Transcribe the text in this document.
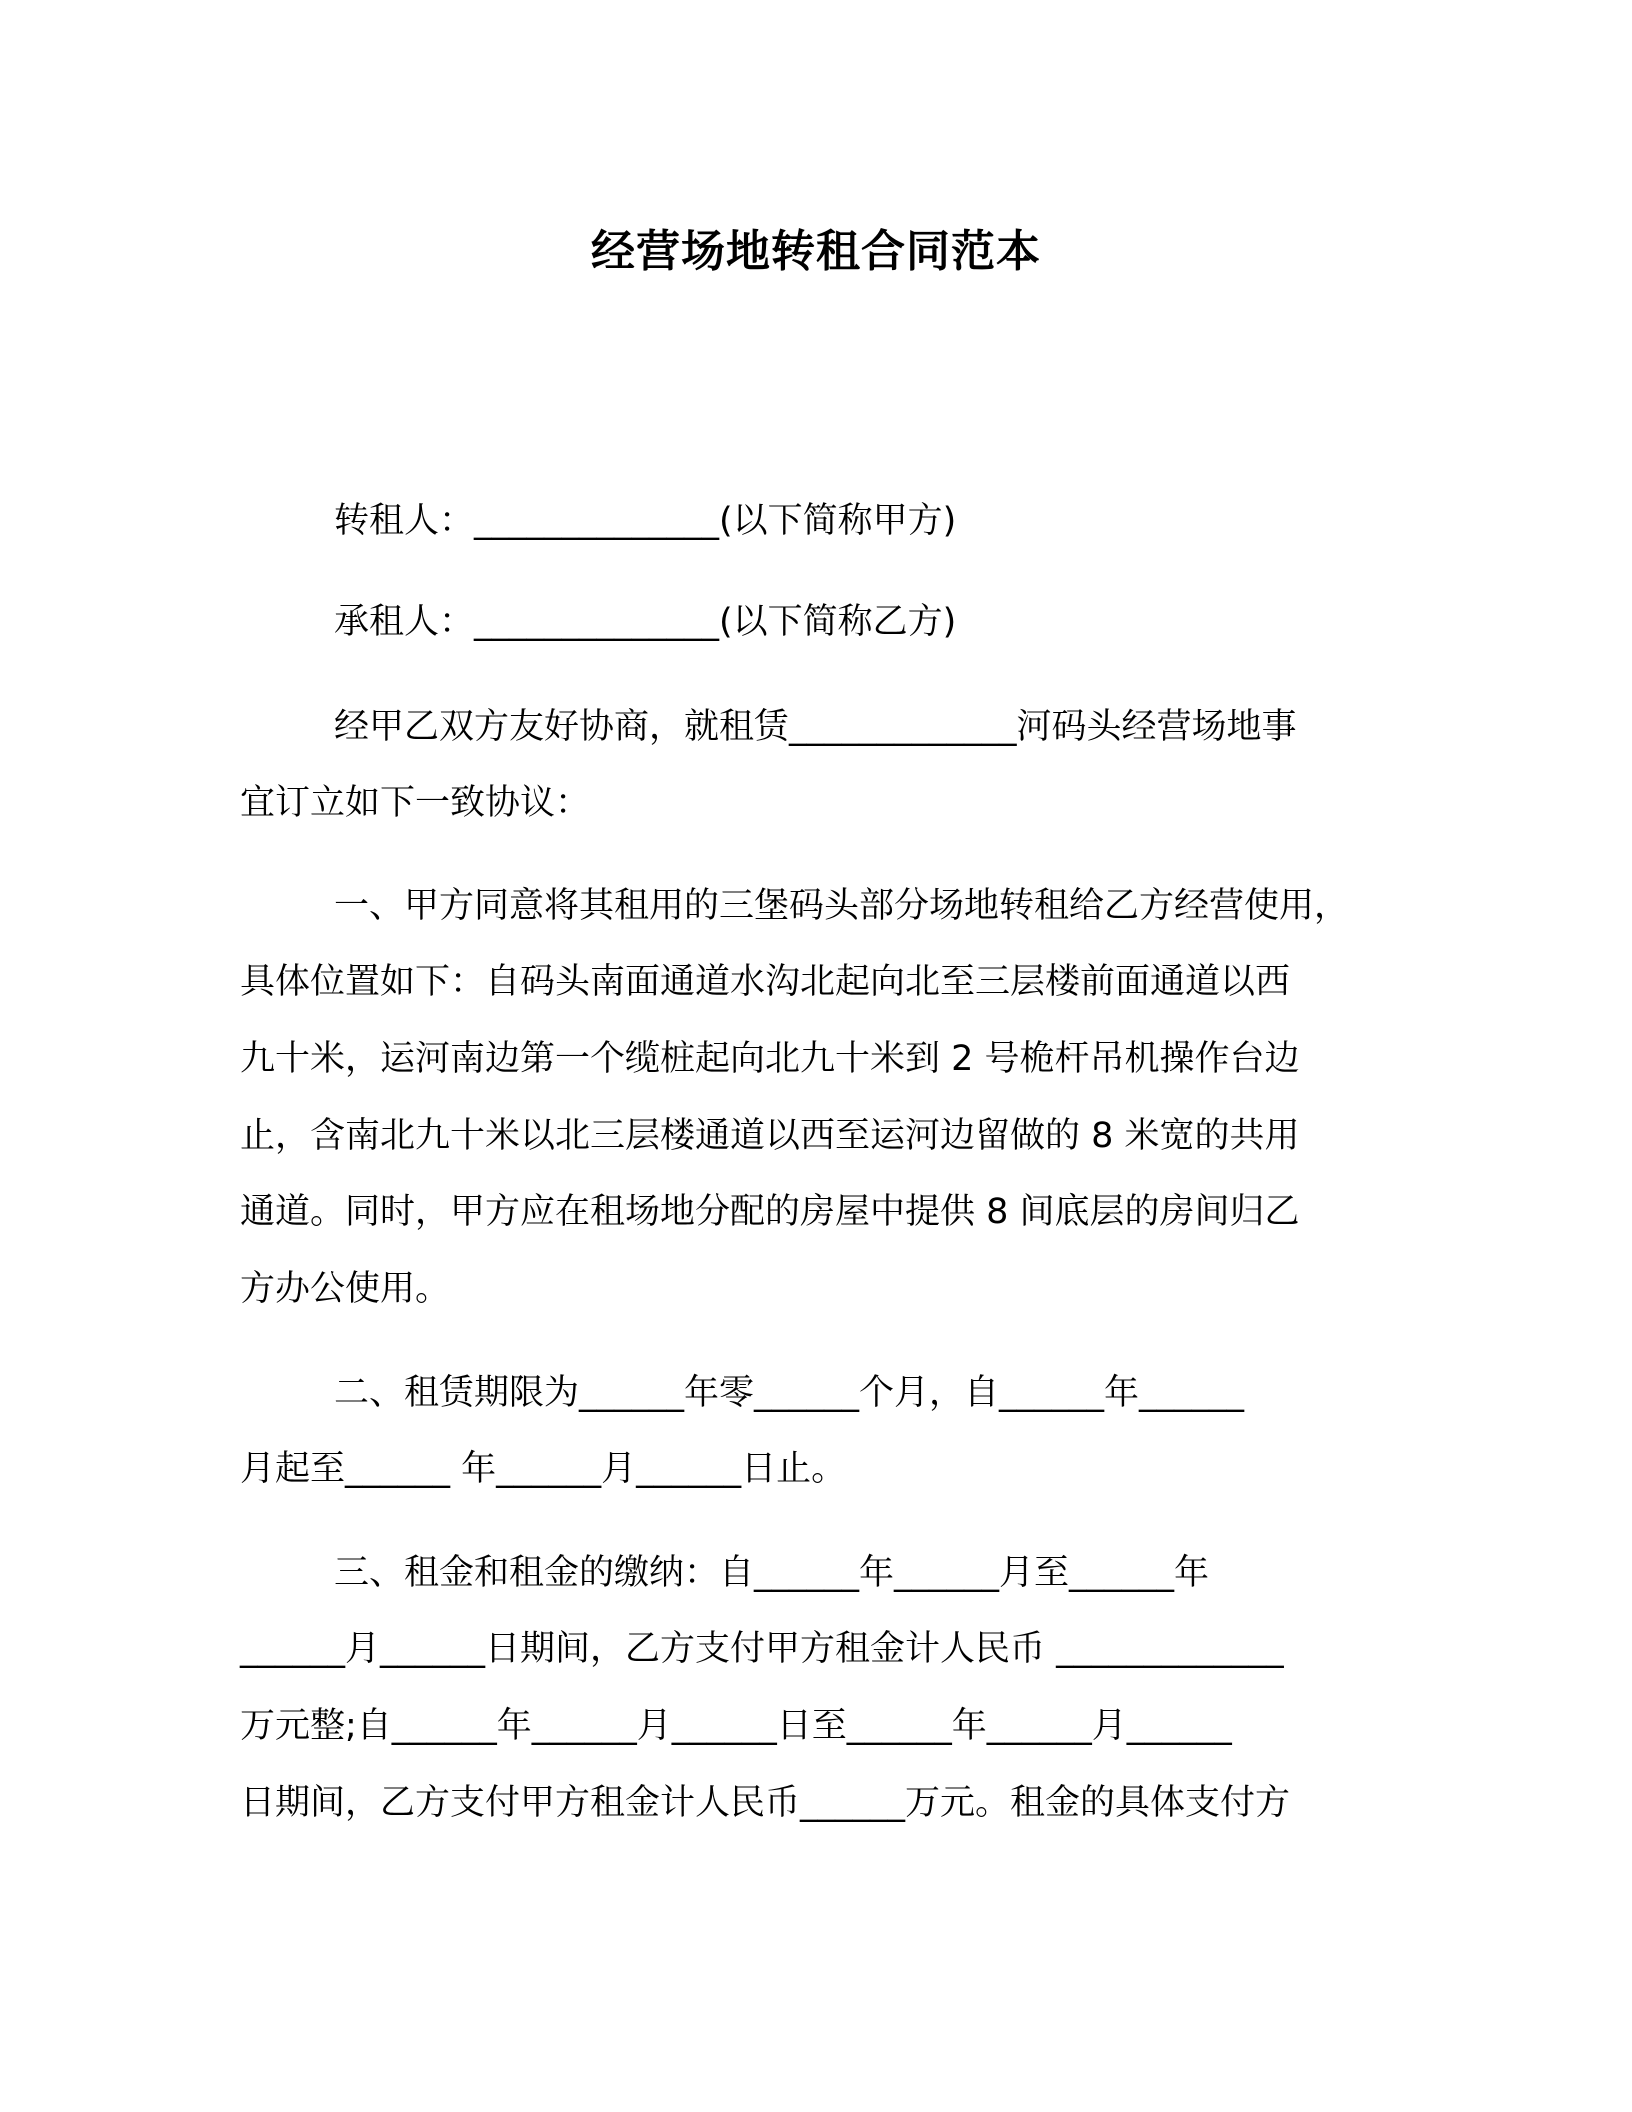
经营场地转租合同范本
转租人：______________(以下简称甲方)
承租人：______________(以下简称乙方)
经甲乙双方友好协商，就租赁_____________河码头经营场地事
宜订立如下一致协议：
一、甲方同意将其租用的三堡码头部分场地转租给乙方经营使用，
具体位置如下：自码头南面通道水沟北起向北至三层楼前面通道以西
九十米，运河南边第一个缆桩起向北九十米到 2 号桅杆吊机操作台边
止，含南北九十米以北三层楼通道以西至运河边留做的 8 米宽的共用
通道。同时，甲方应在租场地分配的房屋中提供 8 间底层的房间归乙
方办公使用。
二、租赁期限为______年零______个月，自______年______
月起至______ 年______月______日止。
三、租金和租金的缴纳：自______年______月至______年
______月______日期间，乙方支付甲方租金计人民币 _____________
万元整;自______年______月______日至______年______月______
日期间，乙方支付甲方租金计人民币______万元。租金的具体支付方
